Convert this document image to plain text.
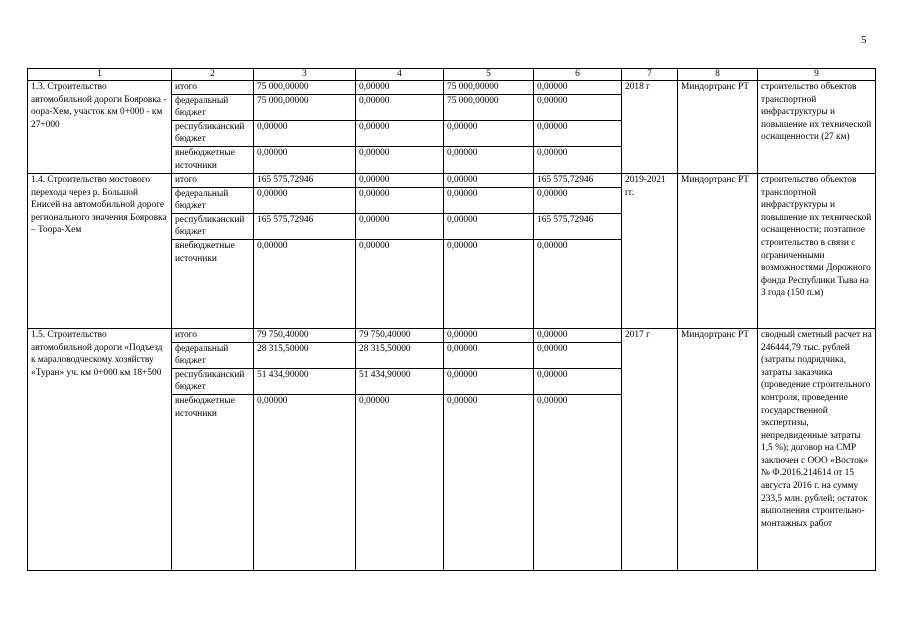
5
1	2	3	4	5	6	7	8	9
1.3. Строительство автомобильной дороги Бояровка - оора-Хем, участок км 0+000 - км 27+000	итого	75 000,00000	0,00000	75 000,00000	0,00000	2018 г	Миндортранс РТ	строительство объектов транспортной инфраструктуры и повышение их технической оснащенности (27 км)
	федеральный бюджет	75 000,00000	0,00000	75 000,00000	0,00000			
	республиканский бюджет	0,00000	0,00000	0,00000	0,00000			
	внебюджетные источники	0,00000	0,00000	0,00000	0,00000			
1.4. Строительство мостового перехода через р. Большой Енисей на автомобильной дороге регионального значения Бояровка – Тоора-Хем	итого	165 575,72946	0,00000	0,00000	165 575,72946	2019-2021 гг.	Миндортранс РТ	строительство объектов транспортной инфраструктуры и повышение их технической оснащенности; поэтапное строительство в связи с ограниченными возможностями Дорожного фонда Республики Тыва на 3 года (150 п.м)
	федеральный бюджет	0,00000	0,00000	0,00000	0,00000			
	республиканский бюджет	165 575,72946	0,00000	0,00000	165 575,72946			
	внебюджетные источники	0,00000	0,00000	0,00000	0,00000			
1.5. Строительство автомобильной дороги «Подъезд к мараловодческому хозяйству «Туран» уч. км 0+000 км 18+500	итого	79 750,40000	79 750,40000	0,00000	0,00000	2017 г	Миндортранс РТ	сводный сметный расчет на 246444,79 тыс. рублей (затраты подрядчика, затраты заказчика (проведение строительного контроля, проведение государственной экспертизы, непредвиденные затраты 1,5 %); договор на СМР заключен с ООО «Восток» № Ф.2016.214614 от 15 августа 2016 г. на сумму 233,5 млн. рублей; остаток выполнения строительно-монтажных работ
	федеральный бюджет	28 315,50000	28 315,50000	0,00000	0,00000			
	республиканский бюджет	51 434,90000	51 434,90000	0,00000	0,00000			
	внебюджетные источники	0,00000	0,00000	0,00000	0,00000			
